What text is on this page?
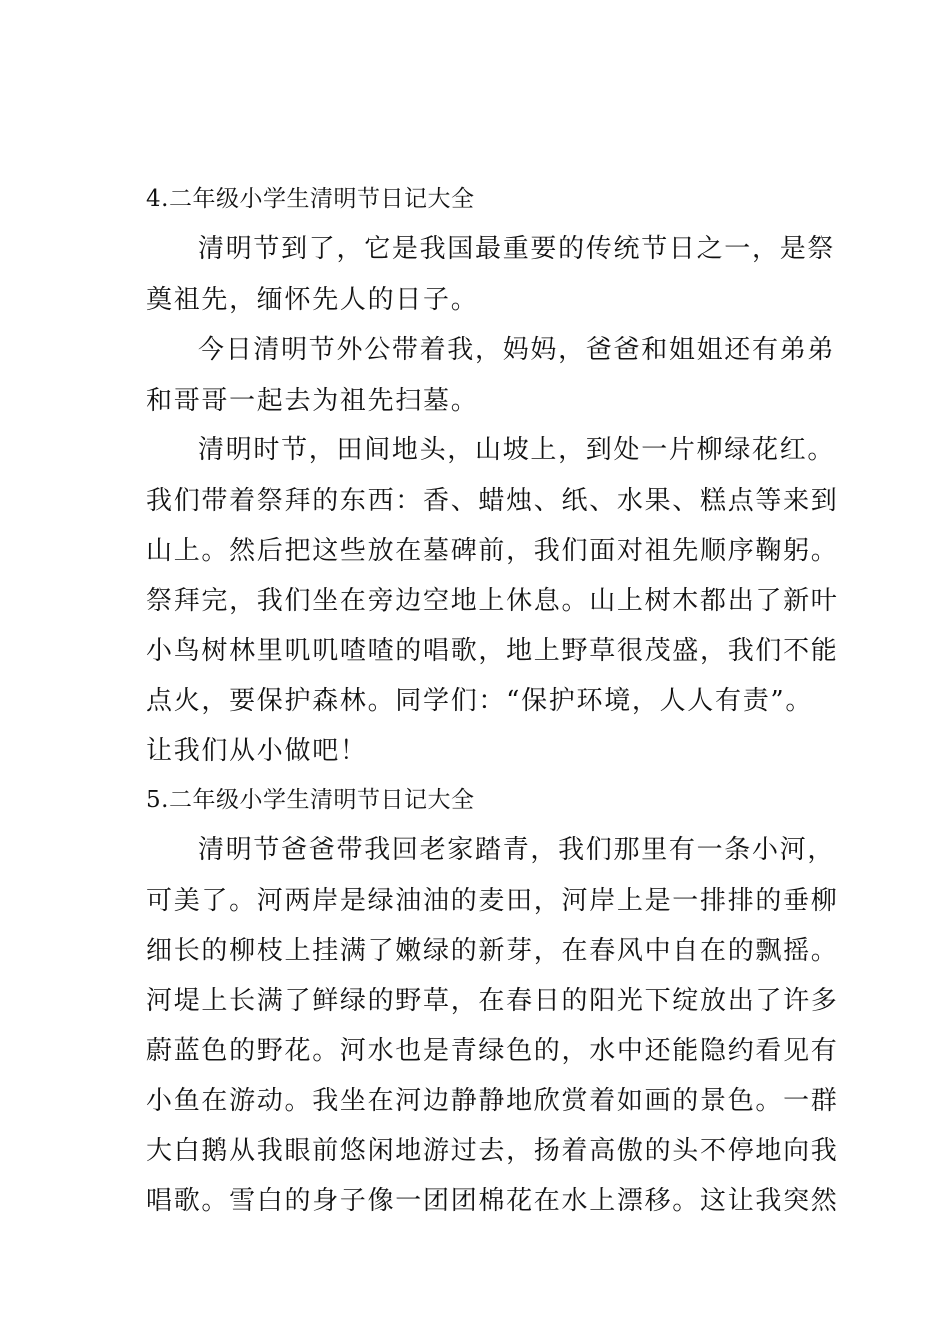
4.二年级小学生清明节日记大全
清明节到了，它是我国最重要的传统节日之一，是祭
奠祖先，缅怀先人的日子。
今日清明节外公带着我，妈妈，爸爸和姐姐还有弟弟
和哥哥一起去为祖先扫墓。
清明时节，田间地头，山坡上，到处一片柳绿花红。
我们带着祭拜的东西：香、蜡烛、纸、水果、糕点等来到
山上。然后把这些放在墓碑前，我们面对祖先顺序鞠躬。
祭拜完，我们坐在旁边空地上休息。山上树木都出了新叶
小鸟树林里叽叽喳喳的唱歌，地上野草很茂盛，我们不能
点火，要保护森林。同学们：“保护环境，人人有责”。
让我们从小做吧！
5.二年级小学生清明节日记大全
清明节爸爸带我回老家踏青，我们那里有一条小河，
可美了。河两岸是绿油油的麦田，河岸上是一排排的垂柳
细长的柳枝上挂满了嫩绿的新芽，在春风中自在的飘摇。
河堤上长满了鲜绿的野草，在春日的阳光下绽放出了许多
蔚蓝色的野花。河水也是青绿色的，水中还能隐约看见有
小鱼在游动。我坐在河边静静地欣赏着如画的景色。一群
大白鹅从我眼前悠闲地游过去，扬着高傲的头不停地向我
唱歌。雪白的身子像一团团棉花在水上漂移。这让我突然
